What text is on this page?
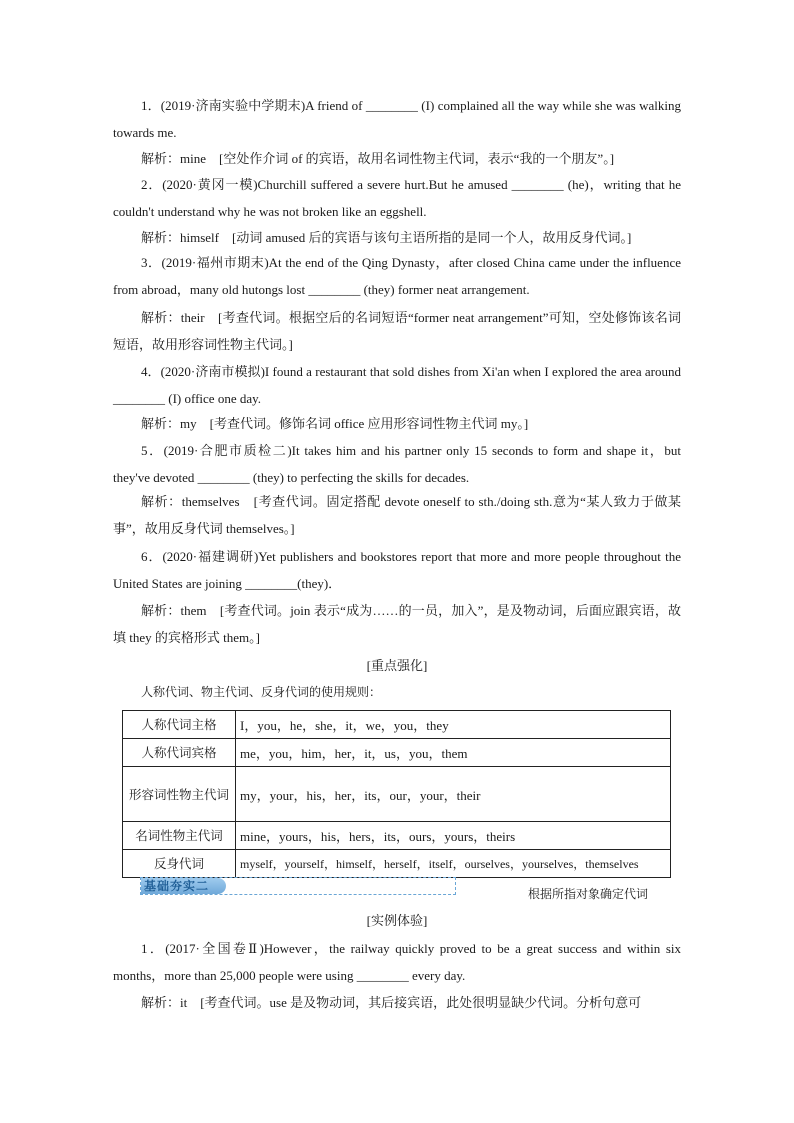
1．(2019·济南实验中学期末)A friend of ________ (I) complained all the way while she was walking towards me.
解析：mine　[空处作介词 of 的宾语，故用名词性物主代词，表示“我的一个朋友”。]
2．(2020·黄冈一模)Churchill suffered a severe hurt.But he amused ________ (he)，writing that he couldn't understand why he was not broken like an eggshell.
解析：himself　[动词 amused 后的宾语与该句主语所指的是同一个人，故用反身代词。]
3．(2019·福州市期末)At the end of the Qing Dynasty，after closed China came under the influence from abroad，many old hutongs lost ________ (they) former neat arrangement.
解析：their　[考查代词。根据空后的名词短语“former neat arrangement”可知，空处修饰该名词短语，故用形容词性物主代词。]
4．(2020·济南市模拟)I found a restaurant that sold dishes from Xi'an when I explored the area around ________ (I) office one day.
解析：my　[考查代词。修饰名词 office 应用形容词性物主代词 my。]
5．(2019·合肥市质检二)It takes him and his partner only 15 seconds to form and shape it，but they've devoted ________ (they) to perfecting the skills for decades.
解析：themselves　[考查代词。固定搭配 devote oneself to sth./doing sth.意为“某人致力于做某事”，故用反身代词 themselves。]
6．(2020·福建调研)Yet publishers and bookstores report that more and more people throughout the United States are joining ________(they)．
解析：them　[考查代词。join 表示“成为……的一员，加入”，是及物动词，后面应跟宾语，故填 they 的宾格形式 them。]
[重点强化]
人称代词、物主代词、反身代词的使用规则：
人称代词主格	I，you，he，she，it，we，you，they
人称代词宾格	me，you，him，her，it，us，you，them
形容词性物主代词	my，your，his，her，its，our，your，their
名词性物主代词	mine，yours，his，hers，its，ours，yours，theirs
反身代词	myself，yourself，himself，herself，itself，ourselves，yourselves，themselves
基础夯实二
根据所指对象确定代词
[实例体验]
1．(2017·全国卷Ⅱ)However，the railway quickly proved to be a great success and within six months，more than 25,000 people were using ________ every day.
解析：it　[考查代词。use 是及物动词，其后接宾语，此处很明显缺少代词。分析句意可
